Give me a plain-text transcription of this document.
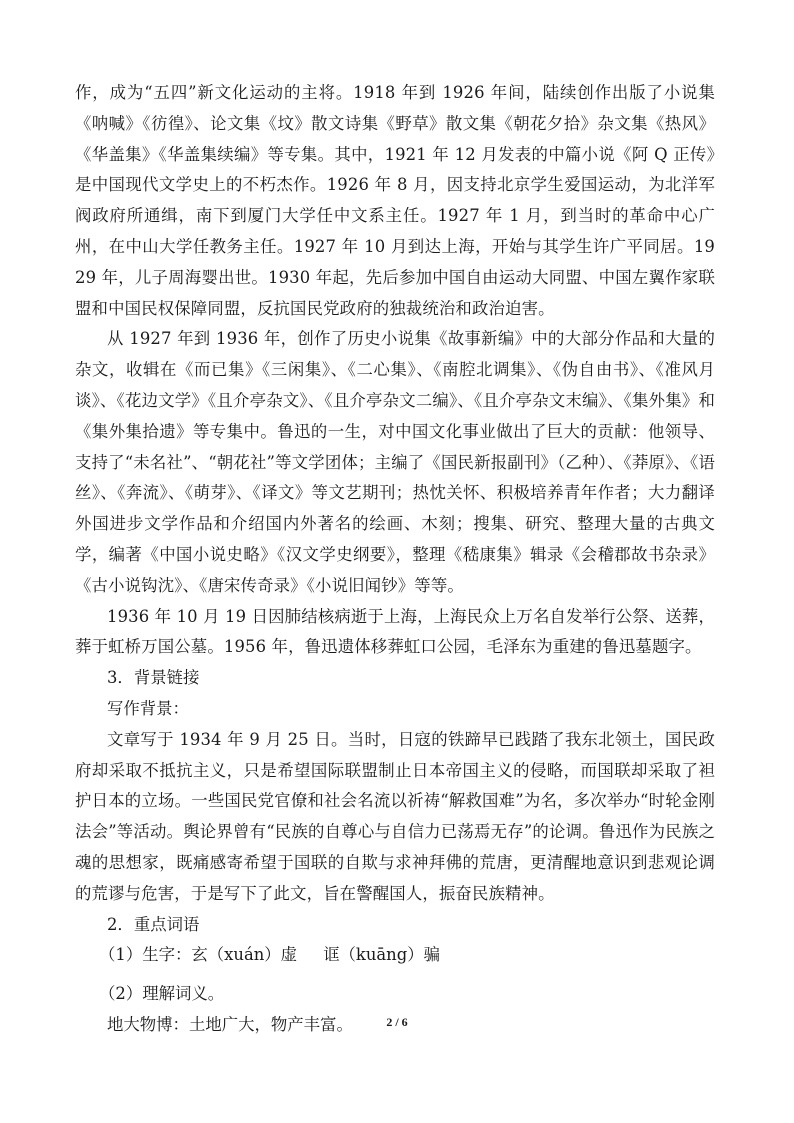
作，成为“五四”新文化运动的主将。1918 年到 1926 年间，陆续创作出版了小说集《呐喊》《彷徨》、论文集《坟》散文诗集《野草》散文集《朝花夕拾》杂文集《热风》《华盖集》《华盖集续编》等专集。其中，1921 年 12 月发表的中篇小说《阿 Q 正传》是中国现代文学史上的不朽杰作。1926 年 8 月，因支持北京学生爱国运动，为北洋军阀政府所通缉，南下到厦门大学任中文系主任。1927 年 1 月，到当时的革命中心广州，在中山大学任教务主任。1927 年 10 月到达上海，开始与其学生许广平同居。1929 年，儿子周海婴出世。1930 年起，先后参加中国自由运动大同盟、中国左翼作家联盟和中国民权保障同盟，反抗国民党政府的独裁统治和政治迫害。

从 1927 年到 1936 年，创作了历史小说集《故事新编》中的大部分作品和大量的杂文，收辑在《而已集》《三闲集》、《二心集》、《南腔北调集》、《伪自由书》、《准风月谈》、《花边文学》《且介亭杂文》、《且介亭杂文二编》、《且介亭杂文末编》、《集外集》和《集外集拾遗》等专集中。鲁迅的一生，对中国文化事业做出了巨大的贡献：他领导、支持了“未名社”、“朝花社”等文学团体；主编了《国民新报副刊》（乙种）、《莽原》、《语丝》、《奔流》、《萌芽》、《译文》等文艺期刊；热忱关怀、积极培养青年作者；大力翻译外国进步文学作品和介绍国内外著名的绘画、木刻；搜集、研究、整理大量的古典文学，编著《中国小说史略》《汉文学史纲要》，整理《嵇康集》辑录《会稽郡故书杂录》《古小说钩沈》、《唐宋传奇录》《小说旧闻钞》等等。

1936 年 10 月 19 日因肺结核病逝于上海，上海民众上万名自发举行公祭、送葬，葬于虹桥万国公墓。1956 年，鲁迅遗体移葬虹口公园，毛泽东为重建的鲁迅墓题字。

3．背景链接

写作背景：

文章写于 1934 年 9 月 25 日。当时，日寇的铁蹄早已践踏了我东北领土，国民政府却采取不抵抗主义，只是希望国际联盟制止日本帝国主义的侵略，而国联却采取了袒护日本的立场。一些国民党官僚和社会名流以祈祷“解救国难”为名，多次举办“时轮金刚法会”等活动。舆论界曾有“民族的自尊心与自信力已荡焉无存”的论调。鲁迅作为民族之魂的思想家，既痛感寄希望于国联的自欺与求神拜佛的荒唐，更清醒地意识到悲观论调的荒谬与危害，于是写下了此文，旨在警醒国人，振奋民族精神。

2．重点词语

（1）生字：玄（xuán）虚     诓（kuāng）骗

（2）理解词义。

地大物博：土地广大，物产丰富。	2 / 6
